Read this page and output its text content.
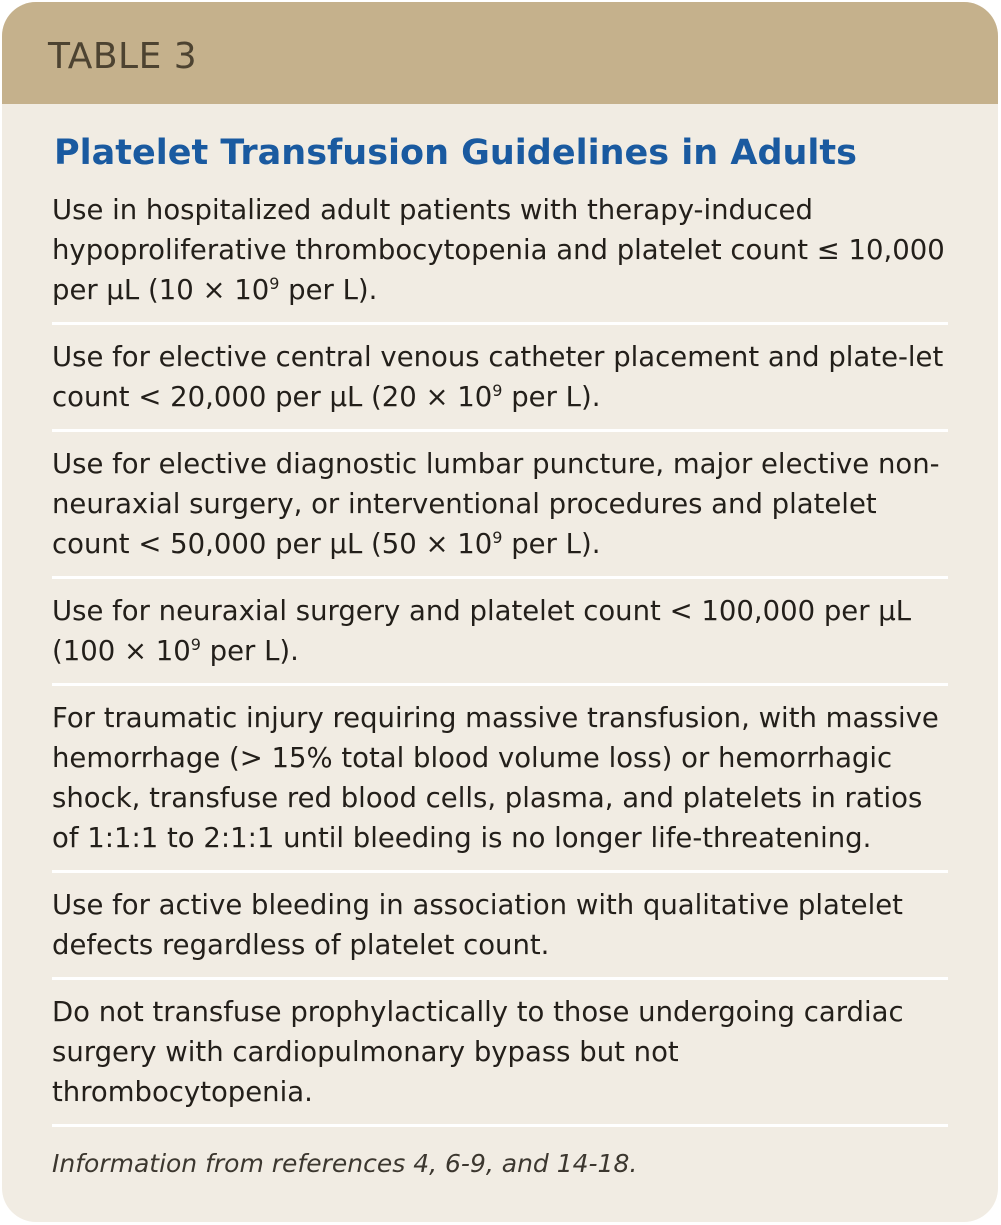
TABLE 3
Platelet Transfusion Guidelines in Adults
Use in hospitalized adult patients with therapy-induced hypoproliferative thrombocytopenia and platelet count ≤ 10,000 per µL ($10 \times 10^9$ per L).
Use for elective central venous catheter placement and plate-let count < 20,000 per µL ($20 \times 10^9$ per L).
Use for elective diagnostic lumbar puncture, major elective non-neuraxial surgery, or interventional procedures and platelet count < 50,000 per µL ($50 \times 10^9$ per L).
Use for neuraxial surgery and platelet count < 100,000 per µL ($100 \times 10^9$ per L).
For traumatic injury requiring massive transfusion, with massive hemorrhage (> 15% total blood volume loss) or hemorrhagic shock, transfuse red blood cells, plasma, and platelets in ratios of 1:1:1 to 2:1:1 until bleeding is no longer life-threatening.
Use for active bleeding in association with qualitative platelet defects regardless of platelet count.
Do not transfuse prophylactically to those undergoing cardiac surgery with cardiopulmonary bypass but not thrombocytopenia.
Information from references 4, 6-9, and 14-18.
